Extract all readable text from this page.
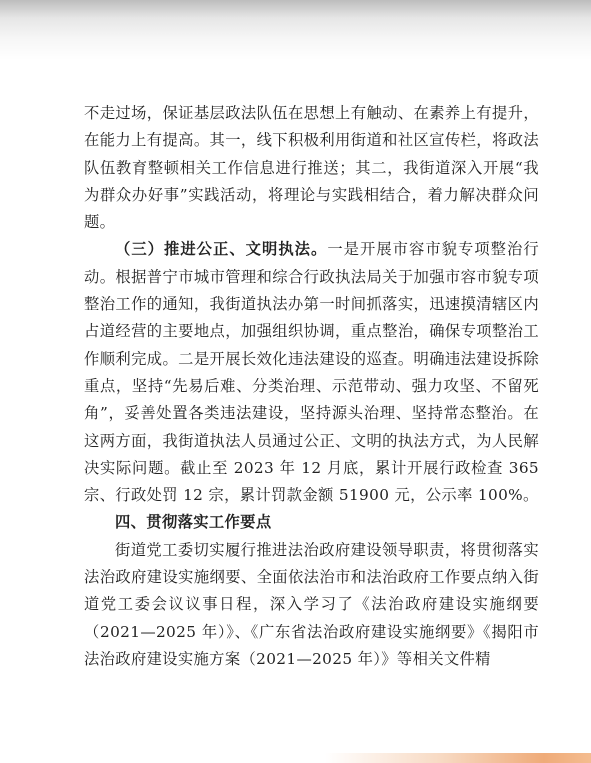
不走过场，保证基层政法队伍在思想上有触动、在素养上有提升，在能力上有提高。其一，线下积极利用街道和社区宣传栏，将政法队伍教育整顿相关工作信息进行推送；其二，我街道深入开展“我为群众办好事”实践活动，将理论与实践相结合，着力解决群众问题。

（三）推进公正、文明执法。一是开展市容市貌专项整治行动。根据普宁市城市管理和综合行政执法局关于加强市容市貌专项整治工作的通知，我街道执法办第一时间抓落实，迅速摸清辖区内占道经营的主要地点，加强组织协调，重点整治，确保专项整治工作顺利完成。二是开展长效化违法建设的巡查。明确违法建设拆除重点，坚持“先易后难、分类治理、示范带动、强力攻坚、不留死角”，妥善处置各类违法建设，坚持源头治理、坚持常态整治。在这两方面，我街道执法人员通过公正、文明的执法方式，为人民解决实际问题。截止至 2023 年 12 月底，累计开展行政检查 365 宗、行政处罚 12 宗，累计罚款金额 51900 元，公示率 100%。

四、贯彻落实工作要点

街道党工委切实履行推进法治政府建设领导职责，将贯彻落实法治政府建设实施纲要、全面依法治市和法治政府工作要点纳入街道党工委会议议事日程，深入学习了《法治政府建设实施纲要（2021—2025 年）》、《广东省法治政府建设实施纲要》《揭阳市法治政府建设实施方案（2021—2025 年）》等相关文件精
